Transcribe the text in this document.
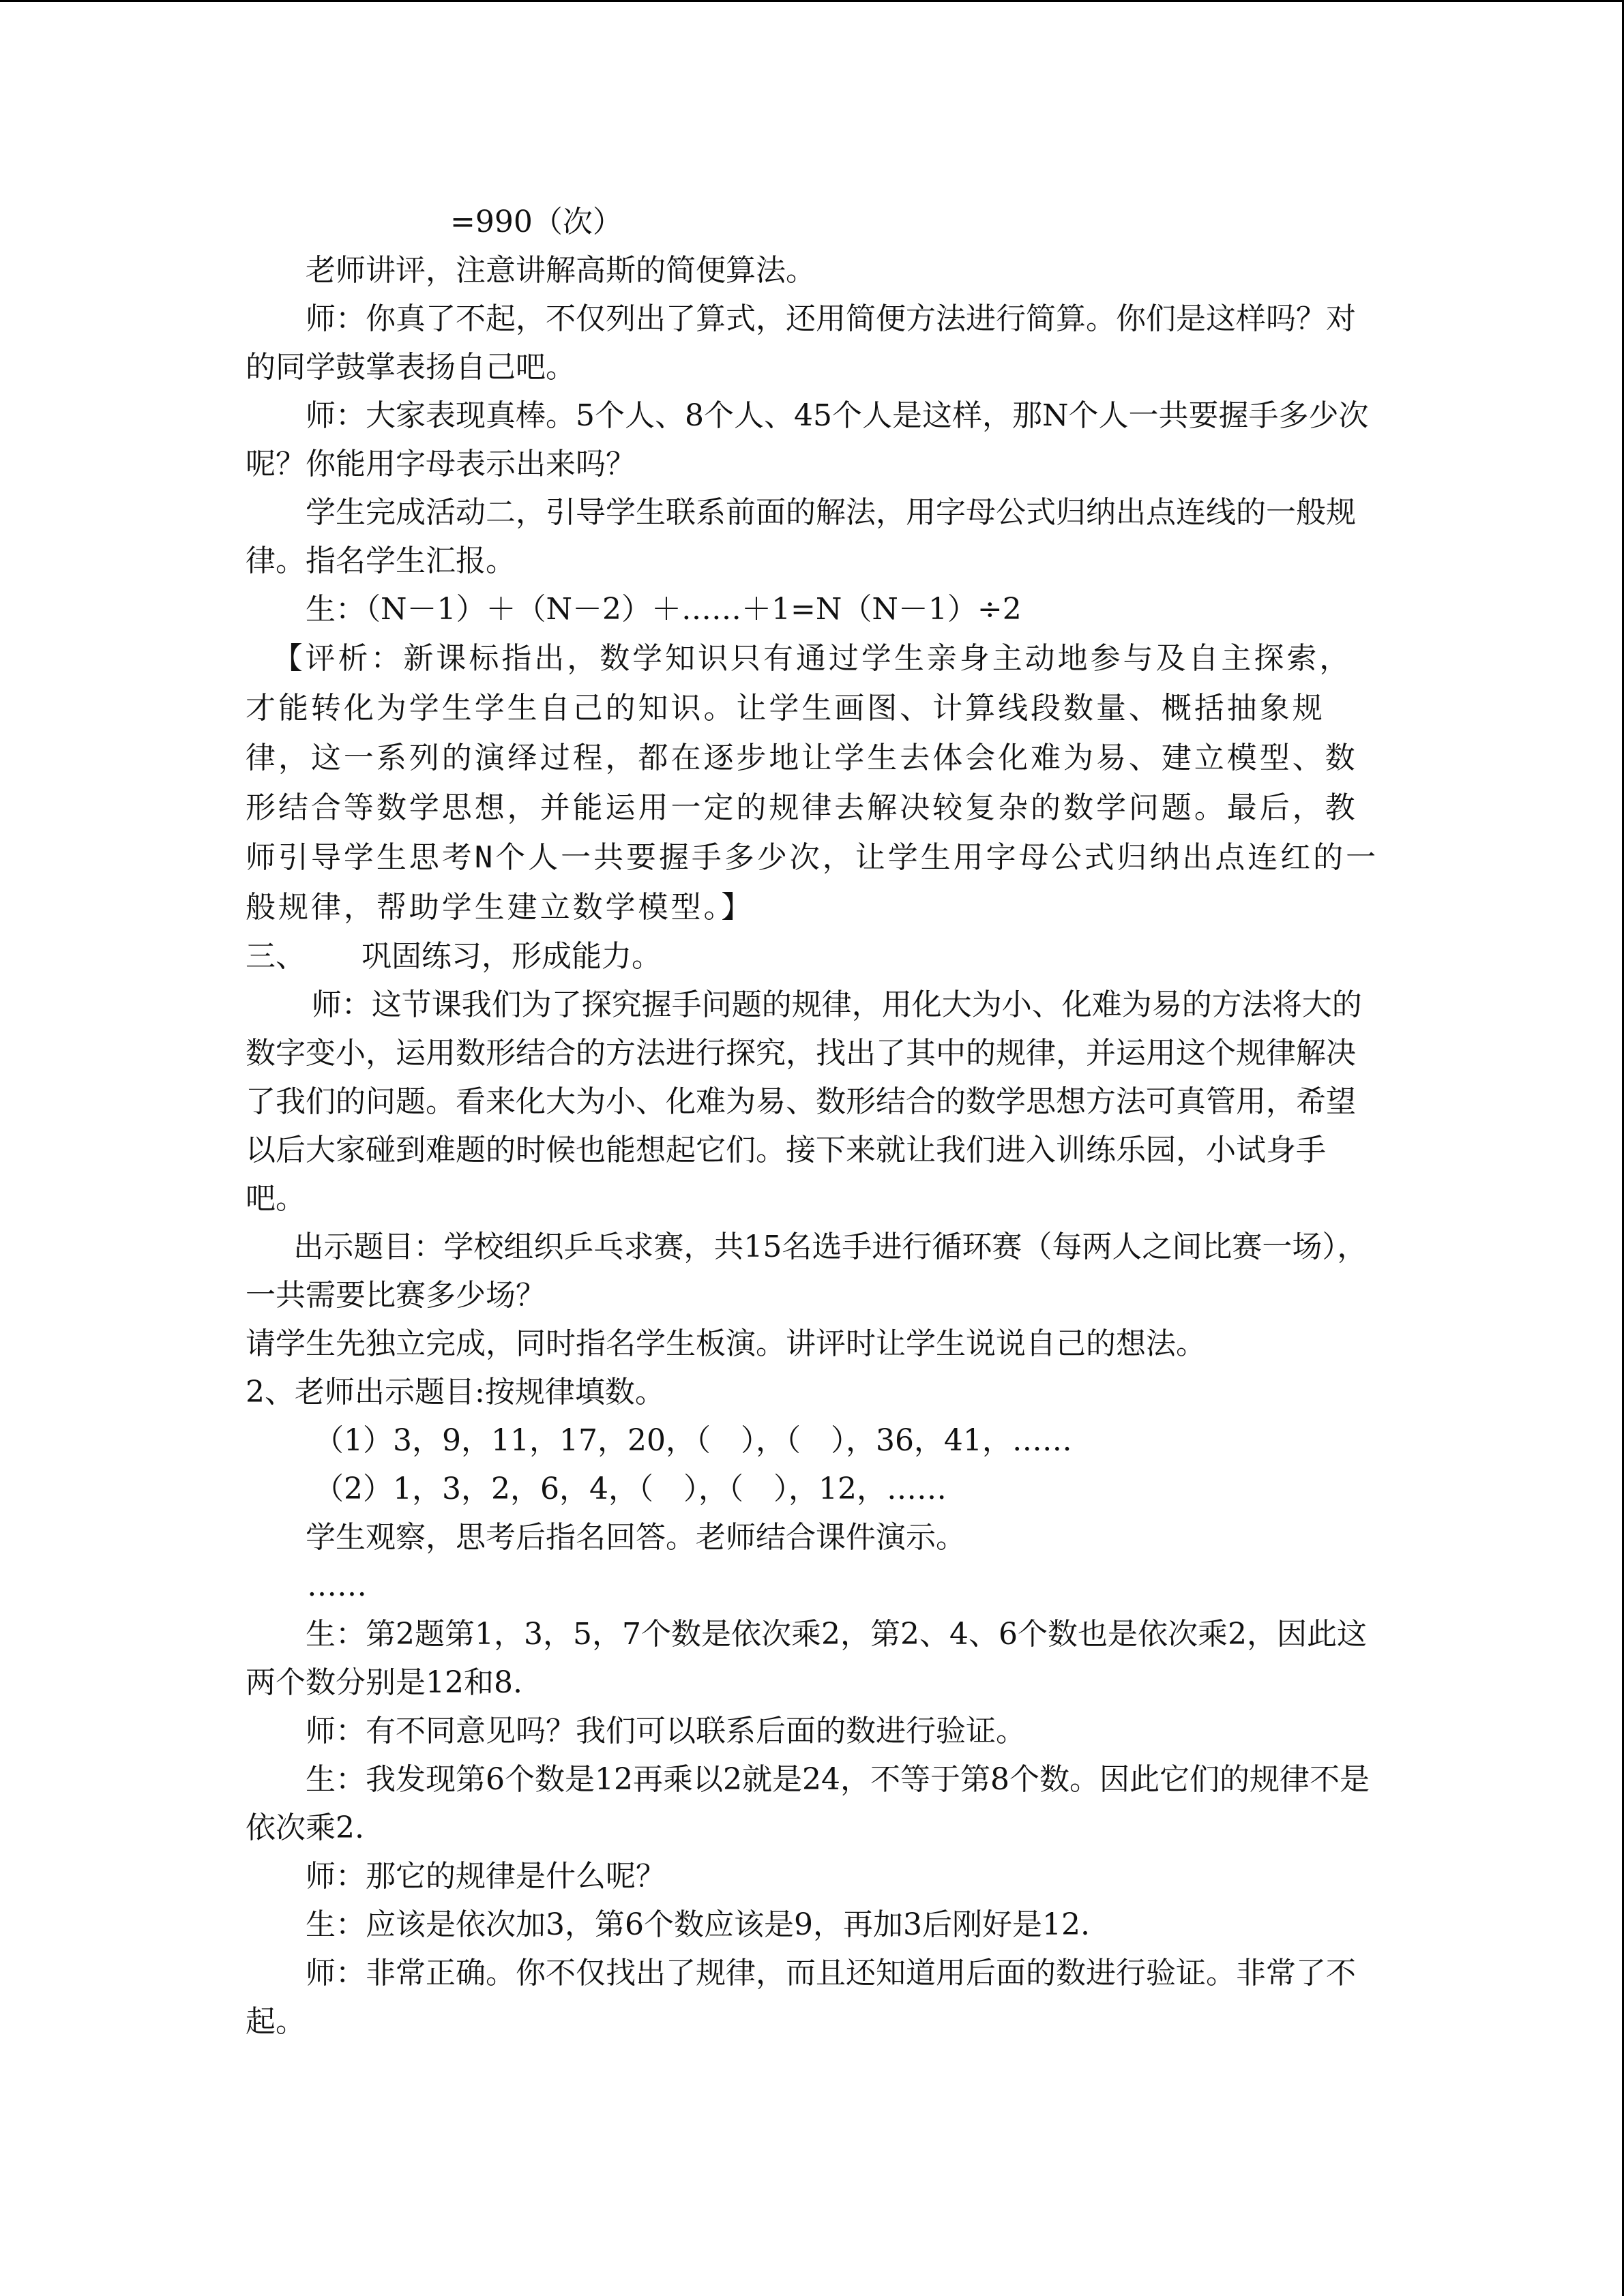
=990（次）

老师讲评，注意讲解高斯的简便算法。

师：你真了不起，不仅列出了算式，还用简便方法进行简算。你们是这样吗？对的同学鼓掌表扬自己吧。

师：大家表现真棒。5个人、8个人、45个人是这样，那N个人一共要握手多少次呢？你能用字母表示出来吗？

学生完成活动二，引导学生联系前面的解法，用字母公式归纳出点连线的一般规律。指名学生汇报。

生：（N－1）＋（N－2）＋……＋1=N（N－1）÷2

【评析：新课标指出，数学知识只有通过学生亲身主动地参与及自主探索，才能转化为学生学生自己的知识。让学生画图、计算线段数量、概括抽象规律，这一系列的演绎过程，都在逐步地让学生去体会化难为易、建立模型、数形结合等数学思想，并能运用一定的规律去解决较复杂的数学问题。最后，教师引导学生思考N个人一共要握手多少次，让学生用字母公式归纳出点连红的一般规律，帮助学生建立数学模型。】

三、 巩固练习，形成能力。

师：这节课我们为了探究握手问题的规律，用化大为小、化难为易的方法将大的数字变小，运用数形结合的方法进行探究，找出了其中的规律，并运用这个规律解决了我们的问题。看来化大为小、化难为易、数形结合的数学思想方法可真管用，希望以后大家碰到难题的时候也能想起它们。接下来就让我们进入训练乐园，小试身手吧。

出示题目：学校组织乒乓求赛，共15名选手进行循环赛（每两人之间比赛一场），一共需要比赛多少场？

请学生先独立完成，同时指名学生板演。讲评时让学生说说自己的想法。

2、老师出示题目:按规律填数。

（1）3，9，11，17，20，（　），（　），36，41，……

（2）1，3，2，6，4，（　），（　），12，……

学生观察，思考后指名回答。老师结合课件演示。

……

生：第2题第1，3，5，7个数是依次乘2，第2、4、6个数也是依次乘2，因此这两个数分别是12和8.

师：有不同意见吗？我们可以联系后面的数进行验证。

生：我发现第6个数是12再乘以2就是24，不等于第8个数。因此它们的规律不是依次乘2.

师：那它的规律是什么呢？

生：应该是依次加3，第6个数应该是9，再加3后刚好是12.

师：非常正确。你不仅找出了规律，而且还知道用后面的数进行验证。非常了不起。
